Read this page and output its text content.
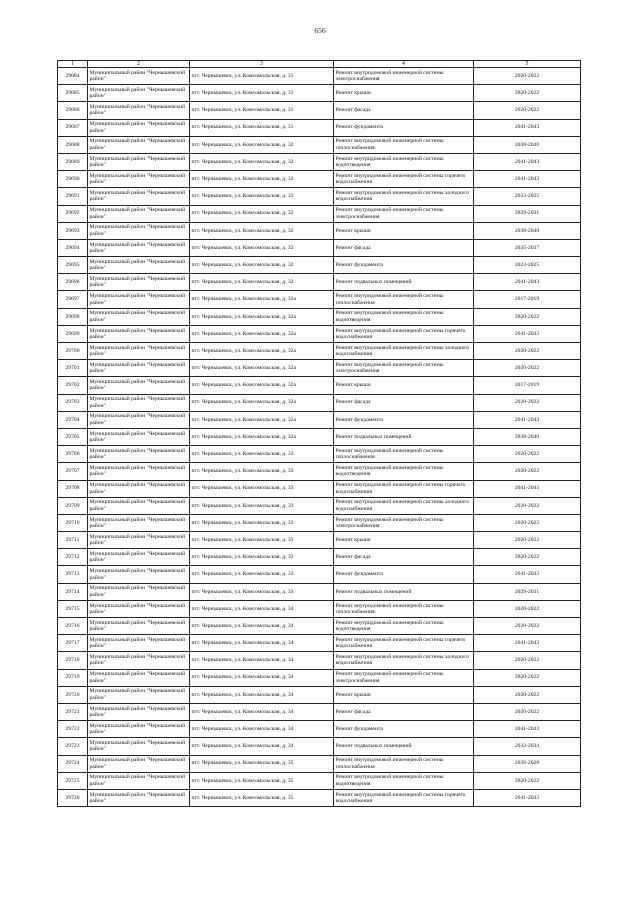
656
1	2	3	4	5
29684	Муниципальный район "Чернышевский район"	пгт. Чернышевск, ул. Комсомольская, д. 31	Ремонт внутридомовой инженерной системы электроснабжения	2020-2022
29685	Муниципальный район "Чернышевский район"	пгт. Чернышевск, ул. Комсомольская, д. 31	Ремонт крыши	2020-2022
29686	Муниципальный район "Чернышевский район"	пгт. Чернышевск, ул. Комсомольская, д. 31	Ремонт фасада	2020-2022
29687	Муниципальный район "Чернышевский район"	пгт. Чернышевск, ул. Комсомольская, д. 31	Ремонт фундамента	2041-2043
29688	Муниципальный район "Чернышевский район"	пгт. Чернышевск, ул. Комсомольская, д. 32	Ремонт внутридомовой инженерной системы теплоснабжения	2038-2040
29689	Муниципальный район "Чернышевский район"	пгт. Чернышевск, ул. Комсомольская, д. 32	Ремонт внутридомовой инженерной системы водоотведения	2041-2043
29690	Муниципальный район "Чернышевский район"	пгт. Чернышевск, ул. Комсомольская, д. 32	Ремонт внутридомовой инженерной системы горячего водоснабжения	2041-2043
29691	Муниципальный район "Чернышевский район"	пгт. Чернышевск, ул. Комсомольская, д. 32	Ремонт внутридомовой инженерной системы холодного водоснабжения	2023-2025
29692	Муниципальный район "Чернышевский район"	пгт. Чернышевск, ул. Комсомольская, д. 32	Ремонт внутридомовой инженерной системы электроснабжения	2029-2031
29693	Муниципальный район "Чернышевский район"	пгт. Чернышевск, ул. Комсомольская, д. 32	Ремонт крыши	2038-2040
29694	Муниципальный район "Чернышевский район"	пгт. Чернышевск, ул. Комсомольская, д. 32	Ремонт фасада	2035-2037
29695	Муниципальный район "Чернышевский район"	пгт. Чернышевск, ул. Комсомольская, д. 32	Ремонт фундамента	2023-2025
29696	Муниципальный район "Чернышевский район"	пгт. Чернышевск, ул. Комсомольская, д. 32	Ремонт подвальных помещений	2041-2043
29697	Муниципальный район "Чернышевский район"	пгт. Чернышевск, ул. Комсомольская, д. 32а	Ремонт внутридомовой инженерной системы теплоснабжения	2017-2019
29698	Муниципальный район "Чернышевский район"	пгт. Чернышевск, ул. Комсомольская, д. 32а	Ремонт внутридомовой инженерной системы водоотведения	2020-2022
29699	Муниципальный район "Чернышевский район"	пгт. Чернышевск, ул. Комсомольская, д. 32а	Ремонт внутридомовой инженерной системы горячего водоснабжения	2041-2043
29700	Муниципальный район "Чернышевский район"	пгт. Чернышевск, ул. Комсомольская, д. 32а	Ремонт внутридомовой инженерной системы холодного водоснабжения	2020-2022
29701	Муниципальный район "Чернышевский район"	пгт. Чернышевск, ул. Комсомольская, д. 32а	Ремонт внутридомовой инженерной системы электроснабжения	2020-2022
29702	Муниципальный район "Чернышевский район"	пгт. Чернышевск, ул. Комсомольская, д. 32а	Ремонт крыши	2017-2019
29703	Муниципальный район "Чернышевский район"	пгт. Чернышевск, ул. Комсомольская, д. 32а	Ремонт фасада	2020-2022
29704	Муниципальный район "Чернышевский район"	пгт. Чернышевск, ул. Комсомольская, д. 32а	Ремонт фундамента	2041-2043
29705	Муниципальный район "Чернышевский район"	пгт. Чернышевск, ул. Комсомольская, д. 32а	Ремонт подвальных помещений	2038-2040
29706	Муниципальный район "Чернышевский район"	пгт. Чернышевск, ул. Комсомольская, д. 33	Ремонт внутридомовой инженерной системы теплоснабжения	2020-2022
29707	Муниципальный район "Чернышевский район"	пгт. Чернышевск, ул. Комсомольская, д. 33	Ремонт внутридомовой инженерной системы водоотведения	2020-2022
29708	Муниципальный район "Чернышевский район"	пгт. Чернышевск, ул. Комсомольская, д. 33	Ремонт внутридомовой инженерной системы горячего водоснабжения	2041-2043
29709	Муниципальный район "Чернышевский район"	пгт. Чернышевск, ул. Комсомольская, д. 33	Ремонт внутридомовой инженерной системы холодного водоснабжения	2020-2022
29710	Муниципальный район "Чернышевский район"	пгт. Чернышевск, ул. Комсомольская, д. 33	Ремонт внутридомовой инженерной системы электроснабжения	2020-2022
29711	Муниципальный район "Чернышевский район"	пгт. Чернышевск, ул. Комсомольская, д. 33	Ремонт крыши	2020-2022
29712	Муниципальный район "Чернышевский район"	пгт. Чернышевск, ул. Комсомольская, д. 33	Ремонт фасада	2020-2022
29713	Муниципальный район "Чернышевский район"	пгт. Чернышевск, ул. Комсомольская, д. 33	Ремонт фундамента	2041-2043
29714	Муниципальный район "Чернышевский район"	пгт. Чернышевск, ул. Комсомольская, д. 33	Ремонт подвальных помещений	2029-2031
29715	Муниципальный район "Чернышевский район"	пгт. Чернышевск, ул. Комсомольская, д. 34	Ремонт внутридомовой инженерной системы теплоснабжения	2020-2022
29716	Муниципальный район "Чернышевский район"	пгт. Чернышевск, ул. Комсомольская, д. 34	Ремонт внутридомовой инженерной системы водоотведения	2020-2022
29717	Муниципальный район "Чернышевский район"	пгт. Чернышевск, ул. Комсомольская, д. 34	Ремонт внутридомовой инженерной системы горячего водоснабжения	2041-2043
29718	Муниципальный район "Чернышевский район"	пгт. Чернышевск, ул. Комсомольская, д. 34	Ремонт внутридомовой инженерной системы холодного водоснабжения	2020-2022
29719	Муниципальный район "Чернышевский район"	пгт. Чернышевск, ул. Комсомольская, д. 34	Ремонт внутридомовой инженерной системы электроснабжения	2020-2022
29720	Муниципальный район "Чернышевский район"	пгт. Чернышевск, ул. Комсомольская, д. 34	Ремонт крыши	2020-2022
29721	Муниципальный район "Чернышевский район"	пгт. Чернышевск, ул. Комсомольская, д. 34	Ремонт фасада	2020-2022
29722	Муниципальный район "Чернышевский район"	пгт. Чернышевск, ул. Комсомольская, д. 34	Ремонт фундамента	2041-2043
29723	Муниципальный район "Чернышевский район"	пгт. Чернышевск, ул. Комсомольская, д. 34	Ремонт подвальных помещений	2032-2034
29724	Муниципальный район "Чернышевский район"	пгт. Чернышевск, ул. Комсомольская, д. 35	Ремонт внутридомовой инженерной системы теплоснабжения	2026-2028
29725	Муниципальный район "Чернышевский район"	пгт. Чернышевск, ул. Комсомольская, д. 35	Ремонт внутридомовой инженерной системы водоотведения	2020-2022
29726	Муниципальный район "Чернышевский район"	пгт. Чернышевск, ул. Комсомольская, д. 35	Ремонт внутридомовой инженерной системы горячего водоснабжения	2041-2043
